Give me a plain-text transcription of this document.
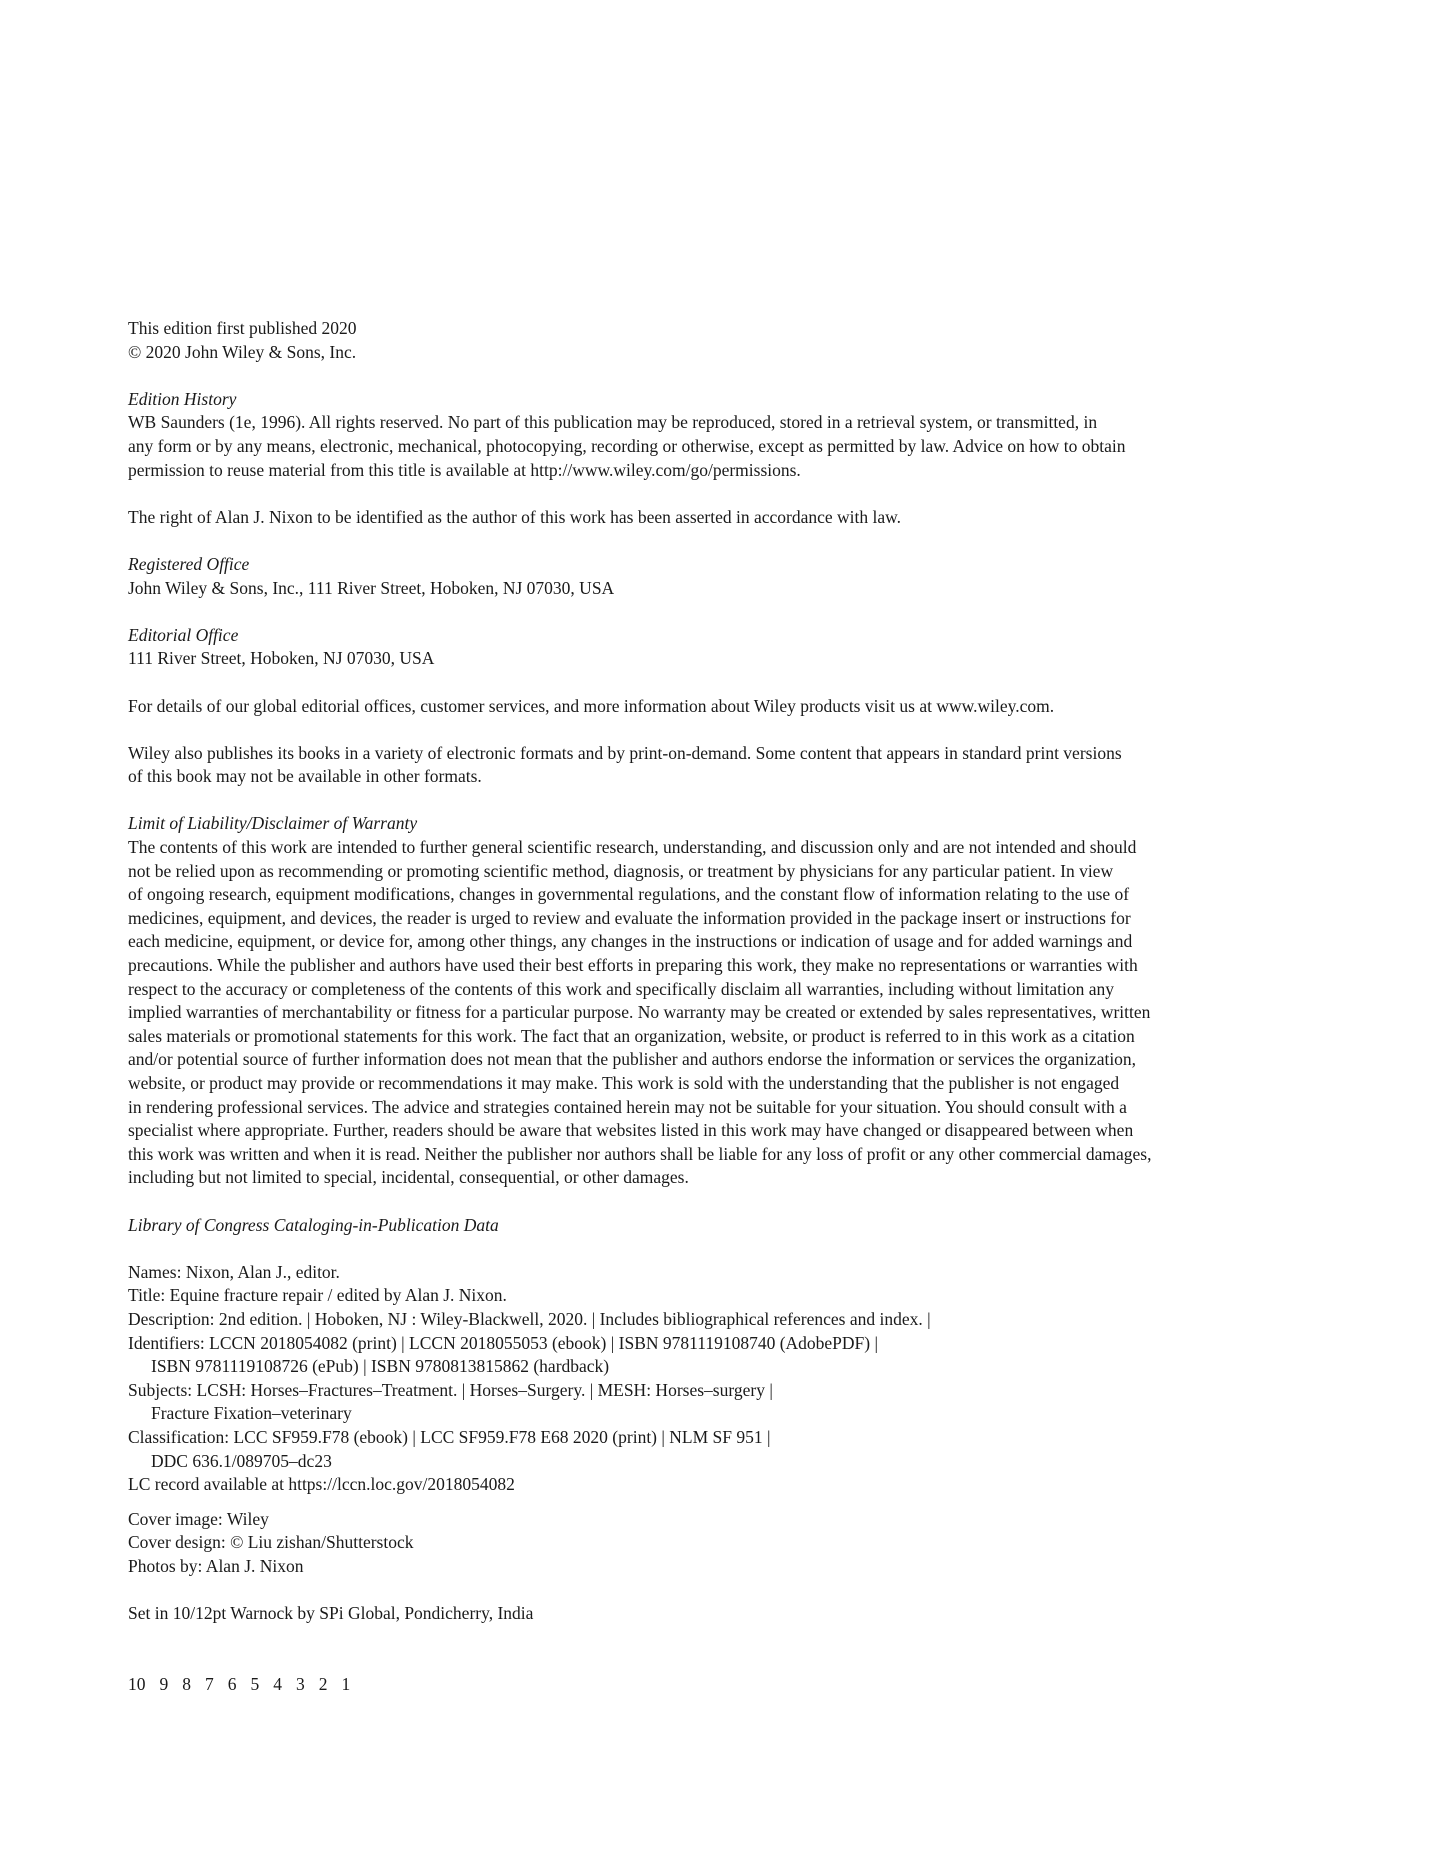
This edition first published 2020

© 2020 John Wiley & Sons, Inc.

Edition History

WB Saunders (1e, 1996). All rights reserved. No part of this publication may be reproduced, stored in a retrieval system, or transmitted, in

any form or by any means, electronic, mechanical, photocopying, recording or otherwise, except as permitted by law. Advice on how to obtain

permission to reuse material from this title is available at http://www.wiley.com/go/permissions.

The right of Alan J. Nixon to be identified as the author of this work has been asserted in accordance with law.

Registered Office

John Wiley & Sons, Inc., 111 River Street, Hoboken, NJ 07030, USA

Editorial Office

111 River Street, Hoboken, NJ 07030, USA

For details of our global editorial offices, customer services, and more information about Wiley products visit us at www.wiley.com.

Wiley also publishes its books in a variety of electronic formats and by print-on-demand. Some content that appears in standard print versions

of this book may not be available in other formats.

Limit of Liability/Disclaimer of Warranty

The contents of this work are intended to further general scientific research, understanding, and discussion only and are not intended and should

not be relied upon as recommending or promoting scientific method, diagnosis, or treatment by physicians for any particular patient. In view

of ongoing research, equipment modifications, changes in governmental regulations, and the constant flow of information relating to the use of

medicines, equipment, and devices, the reader is urged to review and evaluate the information provided in the package insert or instructions for

each medicine, equipment, or device for, among other things, any changes in the instructions or indication of usage and for added warnings and

precautions. While the publisher and authors have used their best efforts in preparing this work, they make no representations or warranties with

respect to the accuracy or completeness of the contents of this work and specifically disclaim all warranties, including without limitation any

implied warranties of merchantability or fitness for a particular purpose. No warranty may be created or extended by sales representatives, written

sales materials or promotional statements for this work. The fact that an organization, website, or product is referred to in this work as a citation

and/or potential source of further information does not mean that the publisher and authors endorse the information or services the organization,

website, or product may provide or recommendations it may make. This work is sold with the understanding that the publisher is not engaged

in rendering professional services. The advice and strategies contained herein may not be suitable for your situation. You should consult with a

specialist where appropriate. Further, readers should be aware that websites listed in this work may have changed or disappeared between when

this work was written and when it is read. Neither the publisher nor authors shall be liable for any loss of profit or any other commercial damages,

including but not limited to special, incidental, consequential, or other damages.

Library of Congress Cataloging-in-Publication Data

Names: Nixon, Alan J., editor.

Title: Equine fracture repair / edited by Alan J. Nixon.

Description: 2nd edition. | Hoboken, NJ : Wiley-Blackwell, 2020. | Includes bibliographical references and index. |

Identifiers: LCCN 2018054082 (print) | LCCN 2018055053 (ebook) | ISBN 9781119108740 (AdobePDF) |

ISBN 9781119108726 (ePub) | ISBN 9780813815862 (hardback)

Subjects: LCSH: Horses–Fractures–Treatment. | Horses–Surgery. | MESH: Horses–surgery |

Fracture Fixation–veterinary

Classification: LCC SF959.F78 (ebook) | LCC SF959.F78 E68 2020 (print) | NLM SF 951 |

DDC 636.1/089705–dc23

LC record available at https://lccn.loc.gov/2018054082

Cover image: Wiley

Cover design: © Liu zishan/Shutterstock

Photos by: Alan J. Nixon

Set in 10/12pt Warnock by SPi Global, Pondicherry, India

10 9 8 7 6 5 4 3 2 1
